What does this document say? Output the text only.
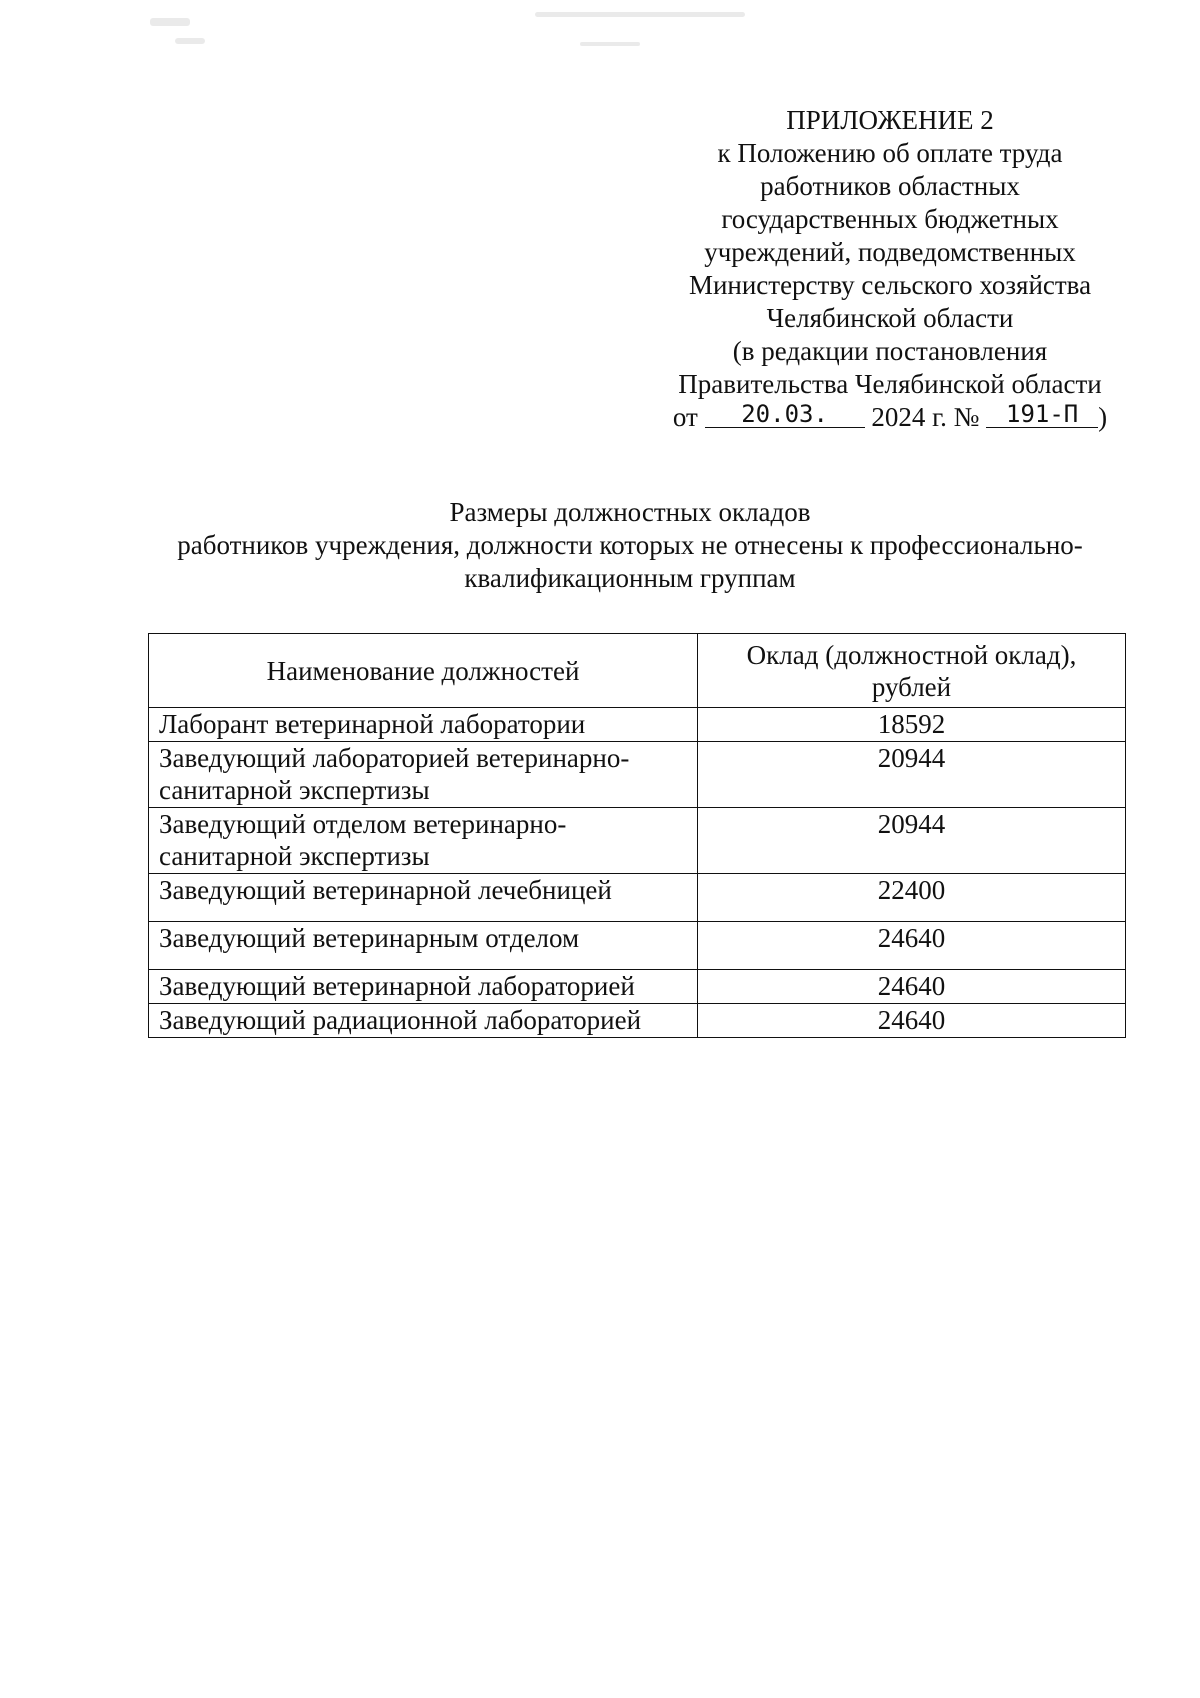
ПРИЛОЖЕНИЕ 2
к Положению об оплате труда
работников областных
государственных бюджетных
учреждений, подведомственных
Министерству сельского хозяйства
Челябинской области
(в редакции постановления
Правительства Челябинской области
от 20.03. 2024 г. № 191-П )
Размеры должностных окладов
работников учреждения, должности которых не отнесены к профессионально-
квалификационным группам
Наименование должностей	Оклад (должностной оклад), рублей
Лаборант ветеринарной лаборатории	18592
Заведующий лабораторией ветеринарно-санитарной экспертизы	20944
Заведующий отделом ветеринарно-санитарной экспертизы	20944
Заведующий ветеринарной лечебницей	22400
Заведующий ветеринарным отделом	24640
Заведующий ветеринарной лабораторией	24640
Заведующий радиационной лабораторией	24640
